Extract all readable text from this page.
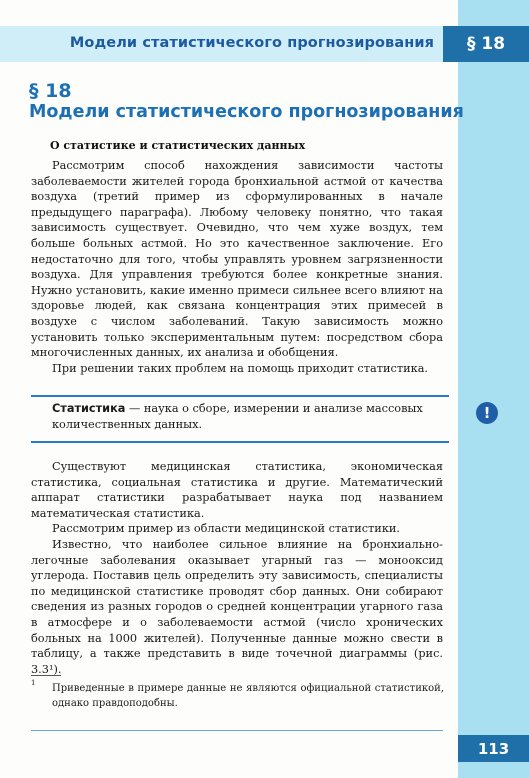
Модели статистического прогнозирования	§ 18
§ 18
Модели статистического прогнозирования
О статистике и статистических данных

Рассмотрим способ нахождения зависимости частоты заболеваемости жителей города бронхиальной астмой от качества воздуха (третий пример из сформулированных в начале предыдущего параграфа). Любому человеку понятно, что такая зависимость существует. Очевидно, что чем хуже воздух, тем больше больных астмой. Но это качественное заключение. Его недостаточно для того, чтобы управлять уровнем загрязненности воздуха. Для управления требуются более конкретные знания. Нужно установить, какие именно примеси сильнее всего влияют на здоровье людей, как связана концентрация этих примесей в воздухе с числом заболеваний. Такую зависимость можно установить только экспериментальным путем: посредством сбора многочисленных данных, их анализа и обобщения.

При решении таких проблем на помощь приходит статистика.

Статистика — наука о сборе, измерении и анализе массовых количественных данных.
!

Существуют медицинская статистика, экономическая статистика, социальная статистика и другие. Математический аппарат статистики разрабатывает наука под названием математическая статистика.

Рассмотрим пример из области медицинской статистики.

Известно, что наиболее сильное влияние на бронхиально-легочные заболевания оказывает угарный газ — монооксид углерода. Поставив цель определить эту зависимость, специалисты по медицинской статистике проводят сбор данных. Они собирают сведения из разных городов о средней концентрации угарного газа в атмосфере и о заболеваемости астмой (число хронических больных на 1000 жителей). Полученные данные можно свести в таблицу, а также представить в виде точечной диаграммы (рис. 3.3¹).

1 Приведенные в примере данные не являются официальной статистикой, однако правдоподобны.
113
